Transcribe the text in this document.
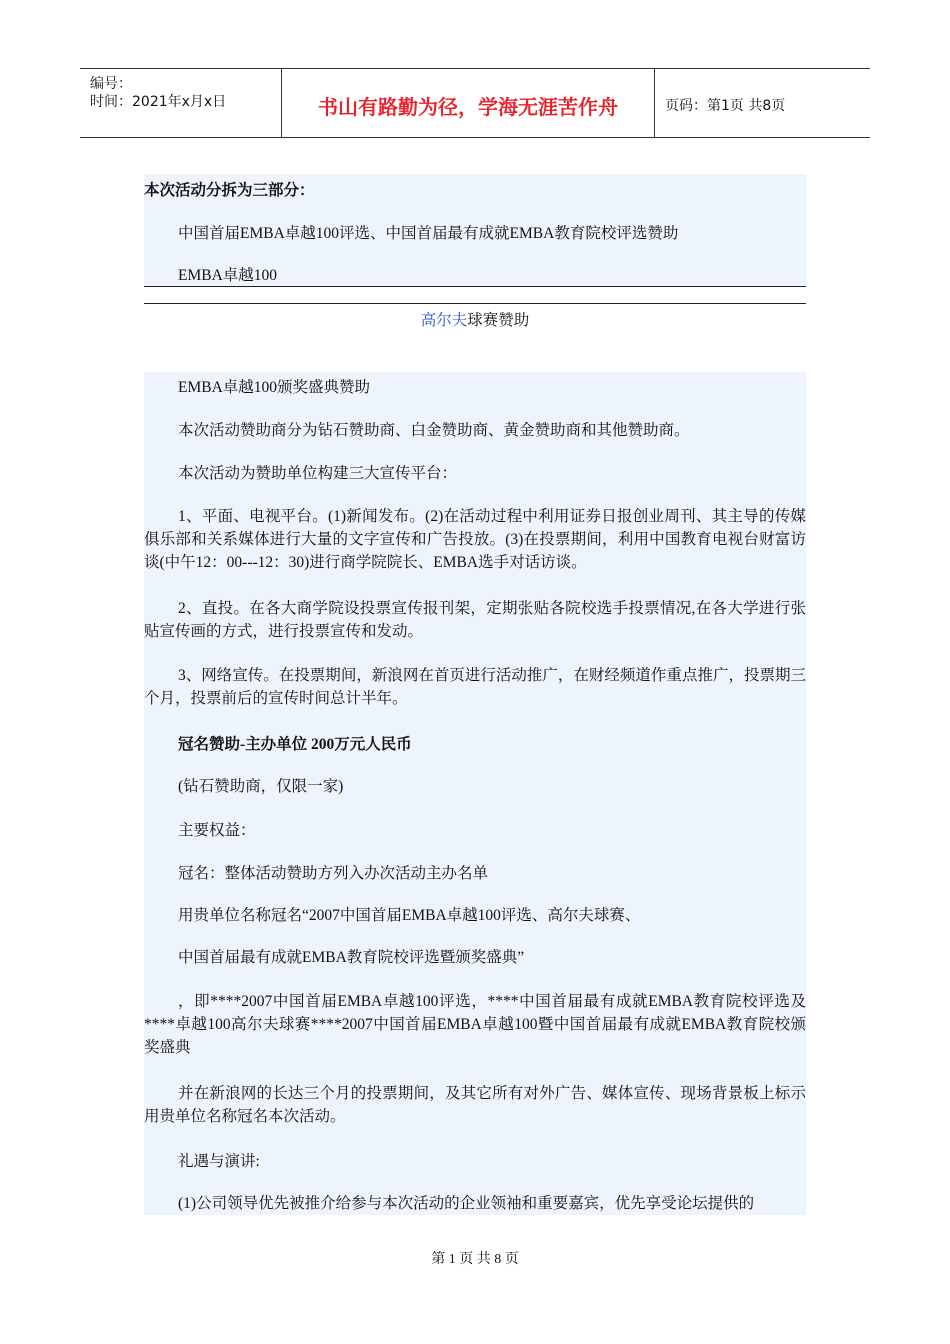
编号：
时间：2021年x月x日	书山有路勤为径，学海无涯苦作舟	页码：第1页 共8页
本次活动分拆为三部分：
中国首届EMBA卓越100评选、中国首届最有成就EMBA教育院校评选赞助
EMBA卓越100
高尔夫球赛赞助
EMBA卓越100颁奖盛典赞助
本次活动赞助商分为钻石赞助商、白金赞助商、黄金赞助商和其他赞助商。
本次活动为赞助单位构建三大宣传平台：
1、平面、电视平台。(1)新闻发布。(2)在活动过程中利用证券日报创业周刊、其主导的传媒俱乐部和关系媒体进行大量的文字宣传和广告投放。(3)在投票期间，利用中国教育电视台财富访谈(中午12：00---12：30)进行商学院院长、EMBA选手对话访谈。
2、直投。在各大商学院设投票宣传报刊架，定期张贴各院校选手投票情况,在各大学进行张贴宣传画的方式，进行投票宣传和发动。
3、网络宣传。在投票期间，新浪网在首页进行活动推广，在财经频道作重点推广，投票期三个月，投票前后的宣传时间总计半年。
冠名赞助-主办单位 200万元人民币
(钻石赞助商，仅限一家)
主要权益：
冠名：整体活动赞助方列入办次活动主办名单
用贵单位名称冠名“2007中国首届EMBA卓越100评选、高尔夫球赛、
中国首届最有成就EMBA教育院校评选暨颁奖盛典”
，即****2007中国首届EMBA卓越100评选，****中国首届最有成就EMBA教育院校评选及****卓越100高尔夫球赛****2007中国首届EMBA卓越100暨中国首届最有成就EMBA教育院校颁奖盛典
并在新浪网的长达三个月的投票期间，及其它所有对外广告、媒体宣传、现场背景板上标示用贵单位名称冠名本次活动。
礼遇与演讲:
(1)公司领导优先被推介给参与本次活动的企业领袖和重要嘉宾，优先享受论坛提供的
第 1 页 共 8 页
